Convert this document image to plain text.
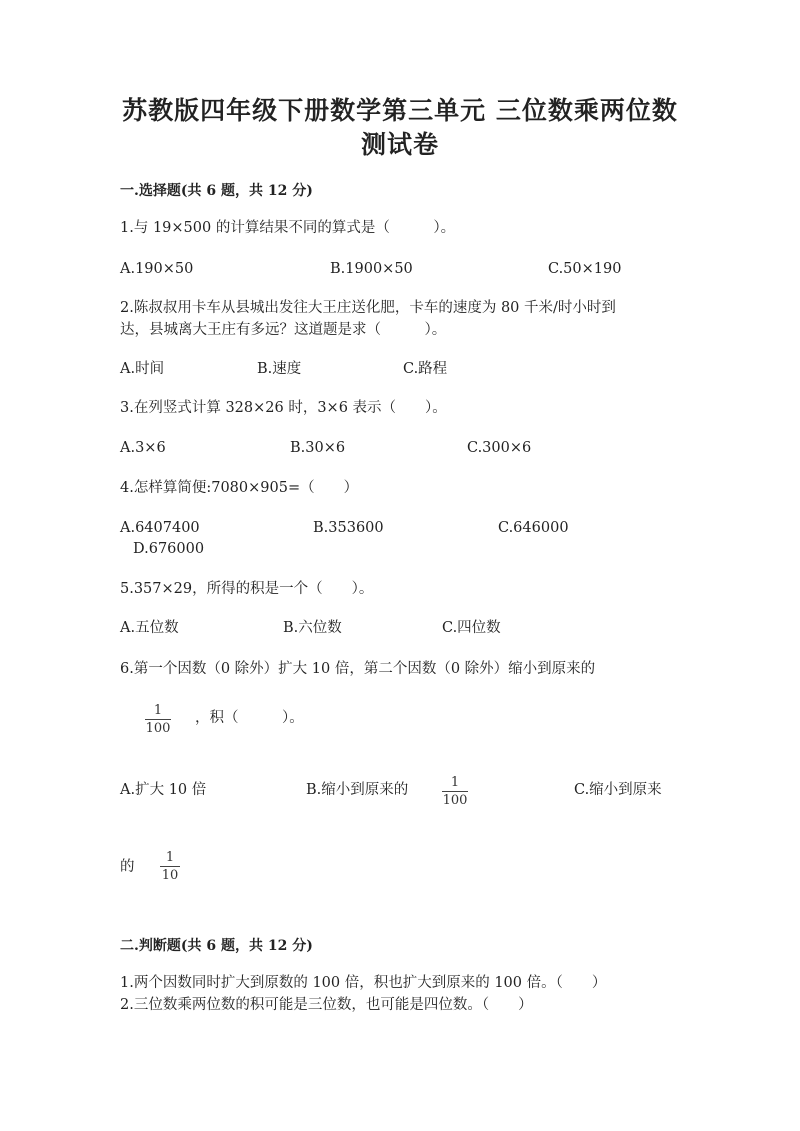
苏教版四年级下册数学第三单元 三位数乘两位数
测试卷
一.选择题(共 6 题，共 12 分)
1.与 19×500 的计算结果不同的算式是（　　　）。
A.190×50	B.1900×50	C.50×190
2.陈叔叔用卡车从县城出发往大王庄送化肥，卡车的速度为 80 千米/时小时到
达，县城离大王庄有多远？这道题是求（　　　）。
A.时间	B.速度	C.路程
3.在列竖式计算 328×26 时，3×6 表示（　　）。
A.3×6	B.30×6	C.300×6
4.怎样算简便:7080×905=（　　）
A.6407400	B.353600	C.646000
D.676000
5.357×29，所得的积是一个（　　）。
A.五位数	B.六位数	C.四位数
6.第一个因数（0 除外）扩大 10 倍，第二个因数（0 除外）缩小到原来的
1
100
，积（　　　）。
A.扩大 10 倍	B.缩小到原来的	1
100
C.缩小到原来
的
1
10
二.判断题(共 6 题，共 12 分)
1.两个因数同时扩大到原数的 100 倍，积也扩大到原来的 100 倍。（　　）
2.三位数乘两位数的积可能是三位数，也可能是四位数。（　　）
